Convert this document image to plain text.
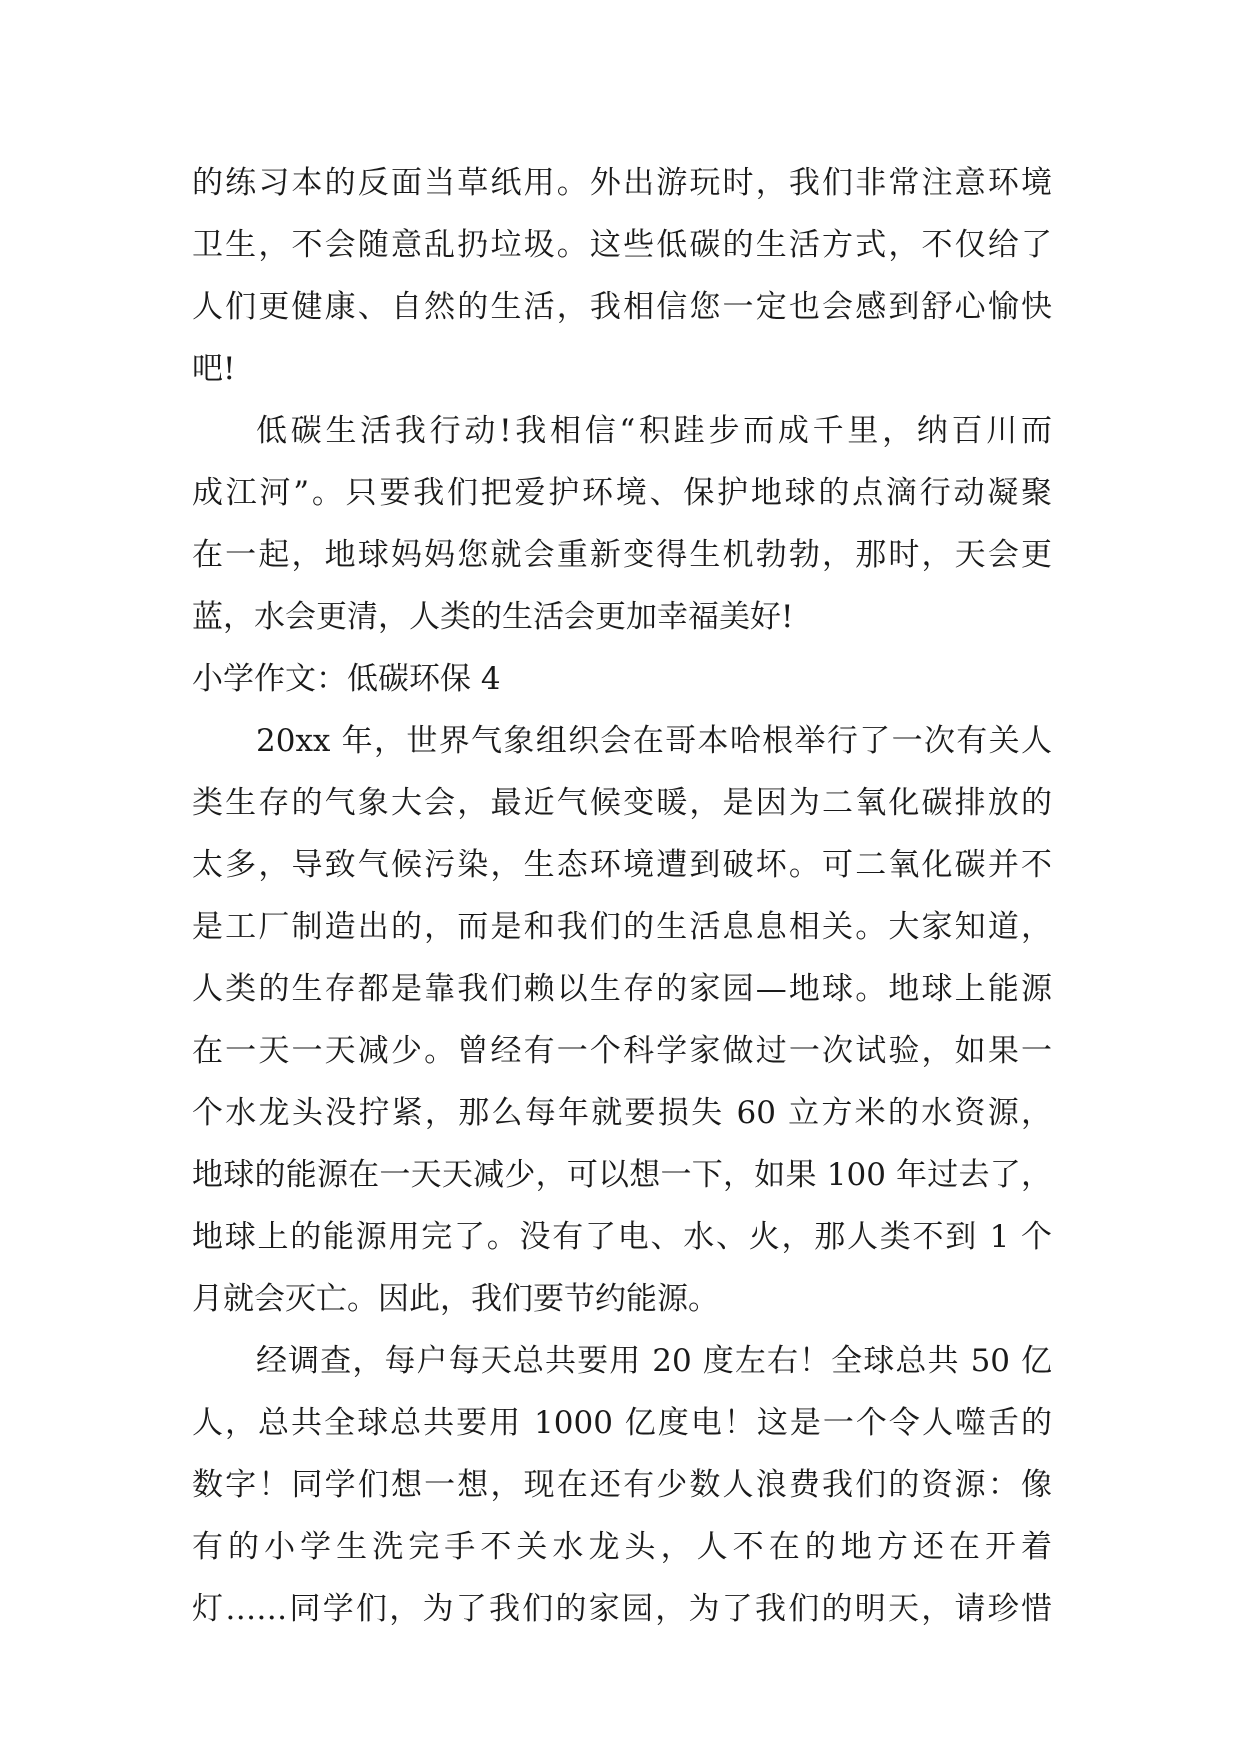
的练习本的反面当草纸用。外出游玩时，我们非常注意环境
卫生，不会随意乱扔垃圾。这些低碳的生活方式，不仅给了
人们更健康、自然的生活，我相信您一定也会感到舒心愉快
吧!
低碳生活我行动!我相信“积跬步而成千里，纳百川而
成江河”。只要我们把爱护环境、保护地球的点滴行动凝聚
在一起，地球妈妈您就会重新变得生机勃勃，那时，天会更
蓝，水会更清，人类的生活会更加幸福美好!
小学作文：低碳环保 4
20xx 年，世界气象组织会在哥本哈根举行了一次有关人
类生存的气象大会，最近气候变暖，是因为二氧化碳排放的
太多，导致气候污染，生态环境遭到破坏。可二氧化碳并不
是工厂制造出的，而是和我们的生活息息相关。大家知道，
人类的生存都是靠我们赖以生存的家园—地球。地球上能源
在一天一天减少。曾经有一个科学家做过一次试验，如果一
个水龙头没拧紧，那么每年就要损失 60 立方米的水资源，
地球的能源在一天天减少，可以想一下，如果 100 年过去了，
地球上的能源用完了。没有了电、水、火，那人类不到 1 个
月就会灭亡。因此，我们要节约能源。
经调查，每户每天总共要用 20 度左右！全球总共 50 亿
人，总共全球总共要用 1000 亿度电！这是一个令人噬舌的
数字！同学们想一想，现在还有少数人浪费我们的资源：像
有的小学生洗完手不关水龙头，人不在的地方还在开着
灯……同学们，为了我们的家园，为了我们的明天，请珍惜
